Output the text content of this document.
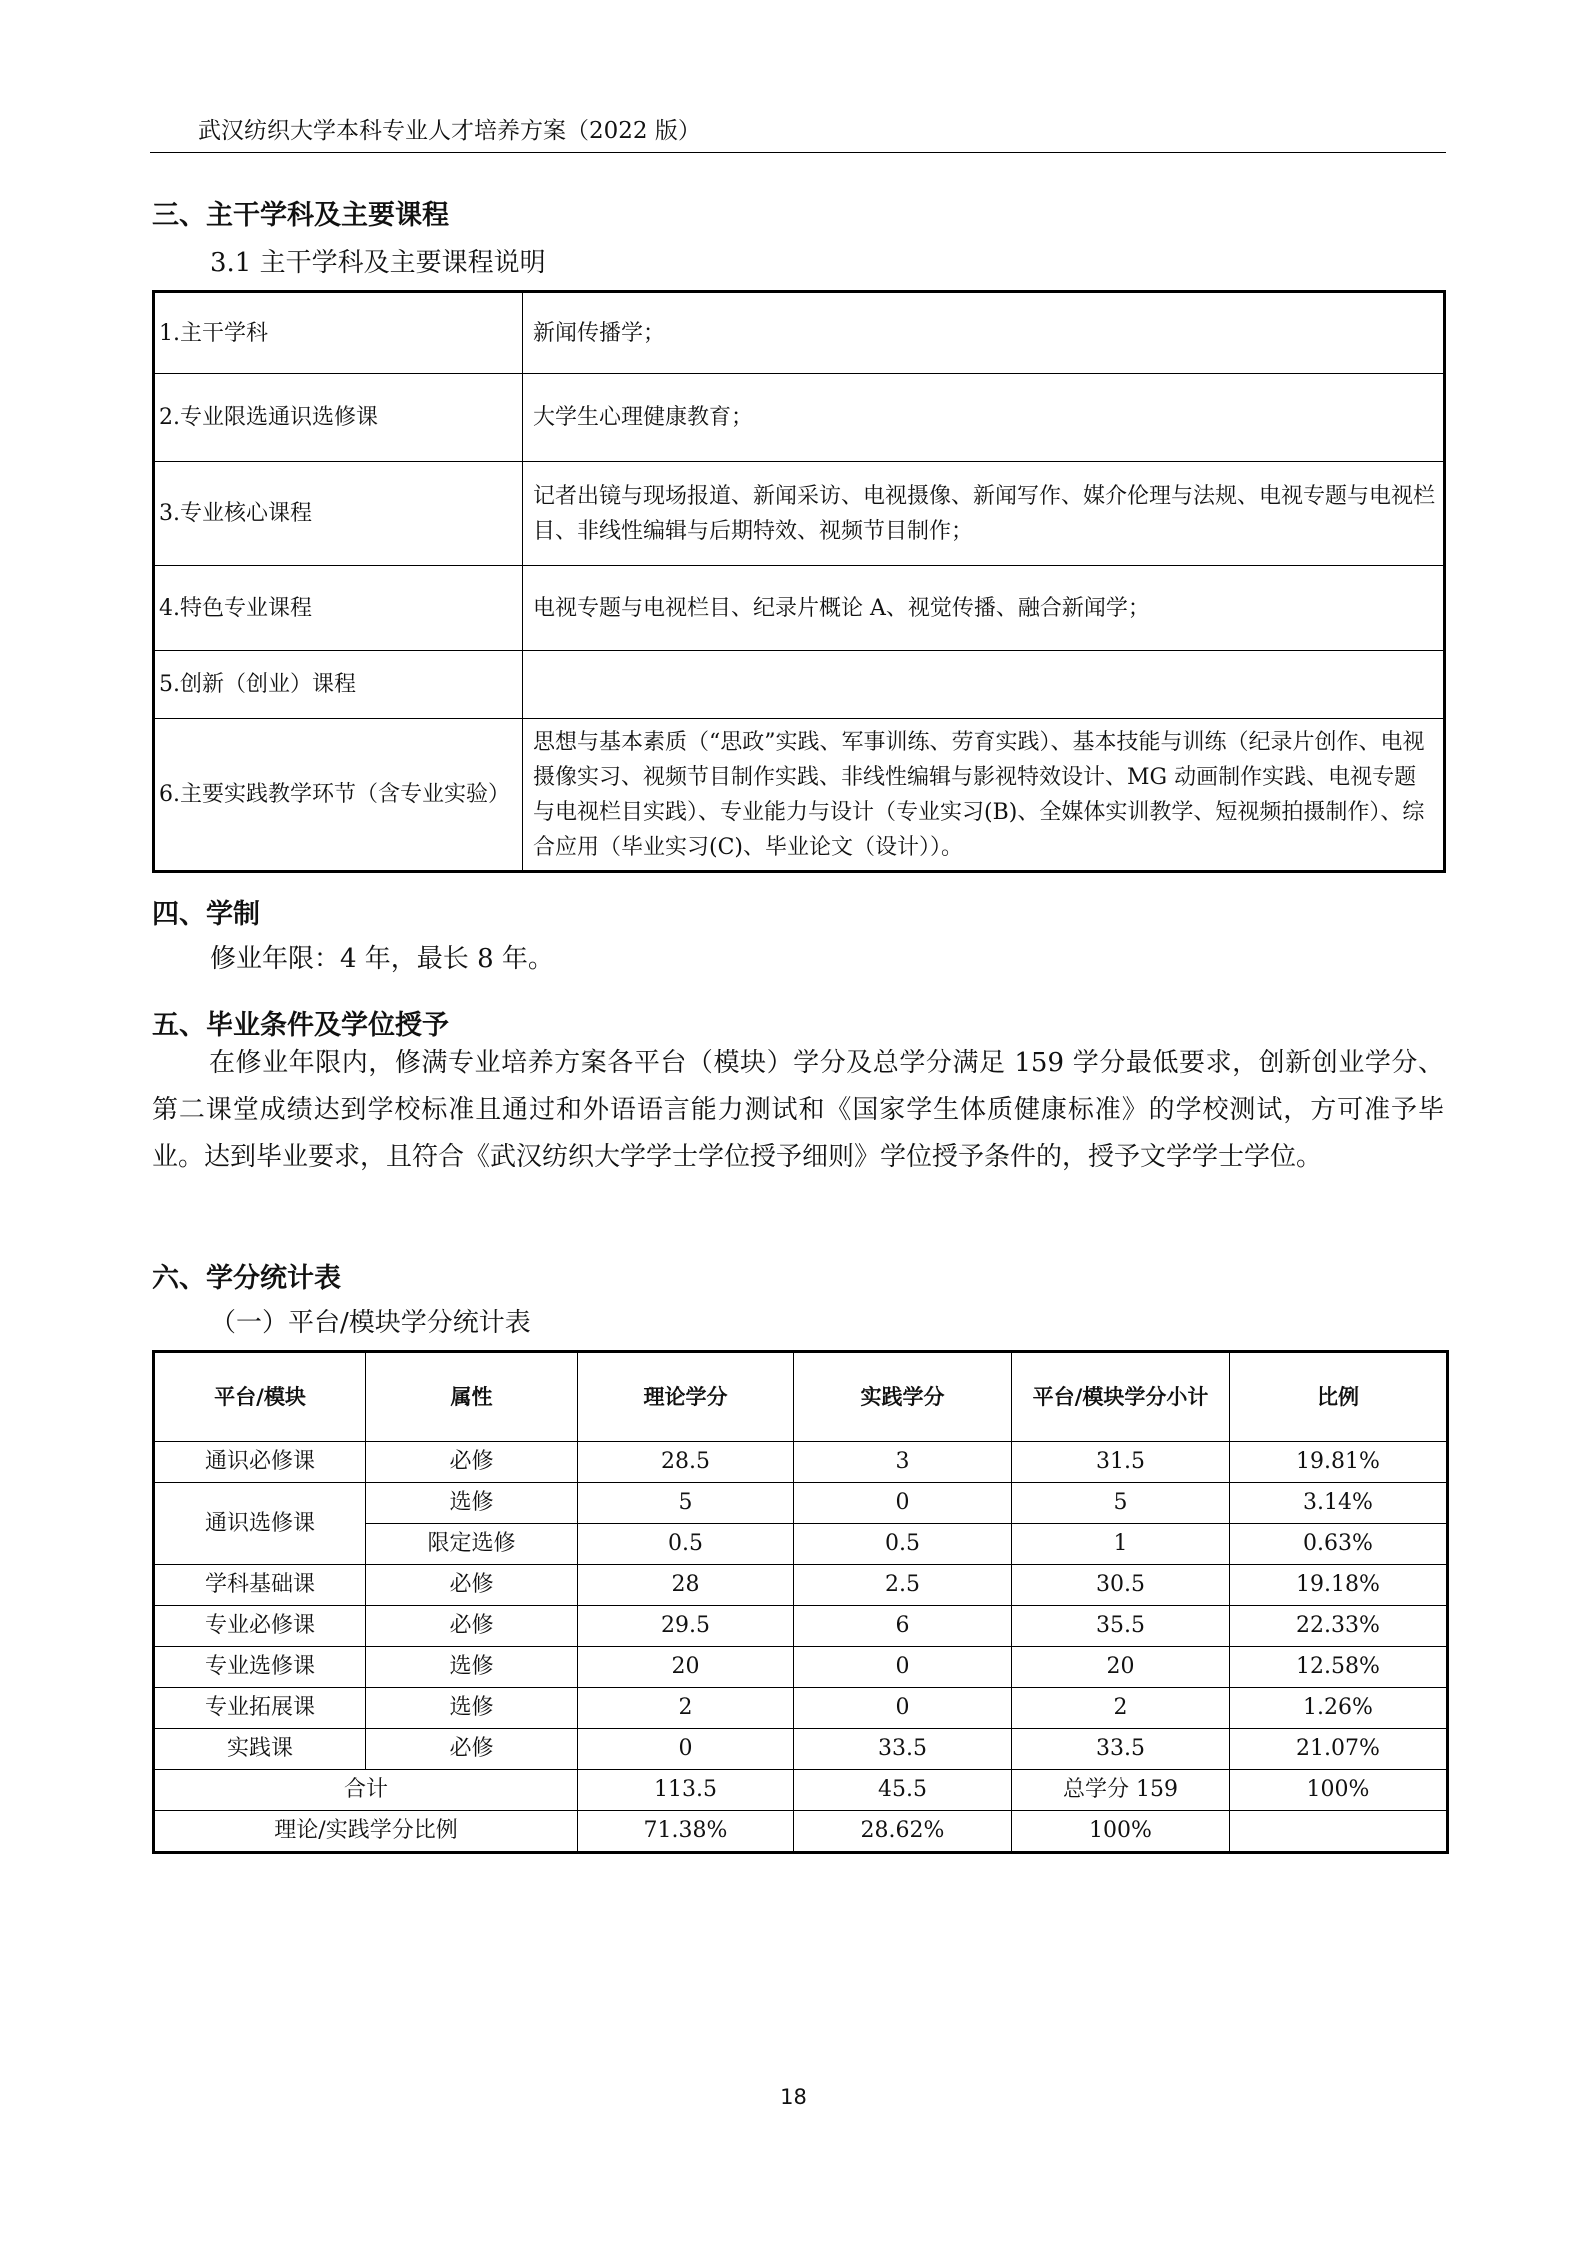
武汉纺织大学本科专业人才培养方案（2022 版）
三、主干学科及主要课程
3.1 主干学科及主要课程说明
1.主干学科	新闻传播学；
2.专业限选通识选修课	大学生心理健康教育；
3.专业核心课程	记者出镜与现场报道、新闻采访、电视摄像、新闻写作、媒介伦理与法规、电视专题与电视栏目、非线性编辑与后期特效、视频节目制作；
4.特色专业课程	电视专题与电视栏目、纪录片概论 A、视觉传播、融合新闻学；
5.创新（创业）课程	
6.主要实践教学环节（含专业实验）	思想与基本素质（“思政”实践、军事训练、劳育实践）、基本技能与训练（纪录片创作、电视摄像实习、视频节目制作实践、非线性编辑与影视特效设计、MG 动画制作实践、电视专题与电视栏目实践）、专业能力与设计（专业实习(B)、全媒体实训教学、短视频拍摄制作）、综合应用（毕业实习(C)、毕业论文（设计））。
四、学制
修业年限：4 年，最长 8 年。
五、毕业条件及学位授予
在修业年限内，修满专业培养方案各平台（模块）学分及总学分满足 159 学分最低要求，创新创业学分、第二课堂成绩达到学校标准且通过和外语语言能力测试和《国家学生体质健康标准》的学校测试，方可准予毕业。达到毕业要求，且符合《武汉纺织大学学士学位授予细则》学位授予条件的，授予文学学士学位。
六、学分统计表
（一）平台/模块学分统计表
平台/模块	属性	理论学分	实践学分	平台/模块学分小计	比例
通识必修课	必修	28.5	3	31.5	19.81%
通识选修课	选修	5	0	5	3.14%
	限定选修	0.5	0.5	1	0.63%
学科基础课	必修	28	2.5	30.5	19.18%
专业必修课	必修	29.5	6	35.5	22.33%
专业选修课	选修	20	0	20	12.58%
专业拓展课	选修	2	0	2	1.26%
实践课	必修	0	33.5	33.5	21.07%
合计		113.5	45.5	总学分 159	100%
理论/实践学分比例		71.38%	28.62%	100%	
18
